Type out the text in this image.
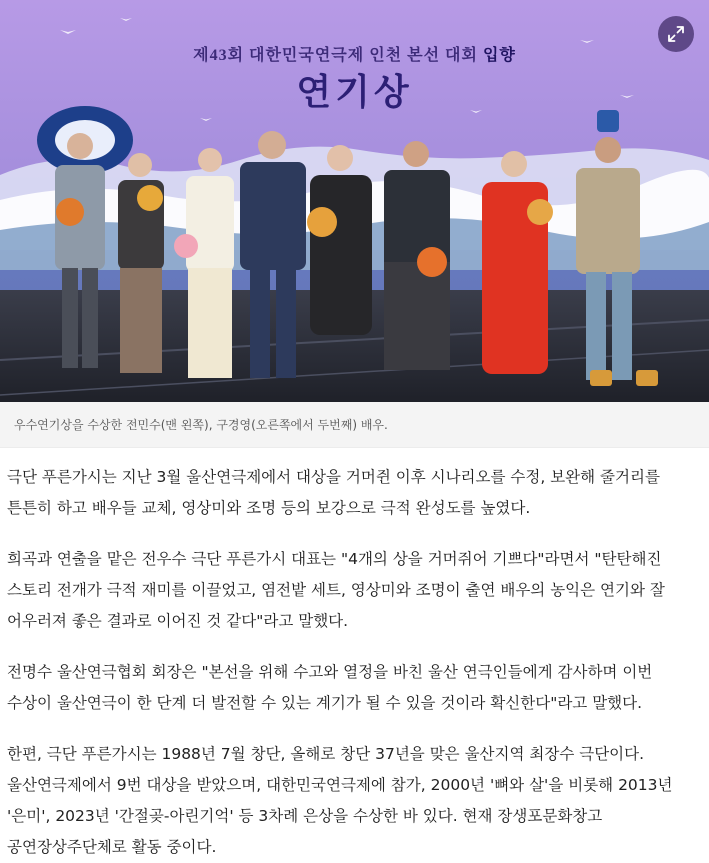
제43회 대한민국연극제 인천 본선 대회 입향
연기상
우수연기상을 수상한 전민수(맨 왼쪽), 구경영(오른쪽에서 두번째) 배우.

극단 푸른가시는 지난 3월 울산연극제에서 대상을 거머쥔 이후 시나리오를 수정, 보완해 줄거리를 튼튼히 하고 배우들 교체, 영상미와 조명 등의 보강으로 극적 완성도를 높였다.

희곡과 연출을 맡은 전우수 극단 푸른가시 대표는 "4개의 상을 거머쥐어 기쁘다"라면서 "탄탄해진 스토리 전개가 극적 재미를 이끌었고, 염전밭 세트, 영상미와 조명이 출연 배우의 농익은 연기와 잘 어우러져 좋은 결과로 이어진 것 같다"라고 말했다.

전명수 울산연극협회 회장은 "본선을 위해 수고와 열정을 바친 울산 연극인들에게 감사하며 이번 수상이 울산연극이 한 단계 더 발전할 수 있는 계기가 될 수 있을 것이라 확신한다"라고 말했다.

한편, 극단 푸른가시는 1988년 7월 창단, 올해로 창단 37년을 맞은 울산지역 최장수 극단이다. 울산연극제에서 9번 대상을 받았으며, 대한민국연극제에 참가, 2000년 '뼈와 살'을 비롯해 2013년 '은미', 2023년 '간절곶-아린기억' 등 3차례 은상을 수상한 바 있다. 현재 장생포문화창고 공연장상주단체로 활동 중이다.
